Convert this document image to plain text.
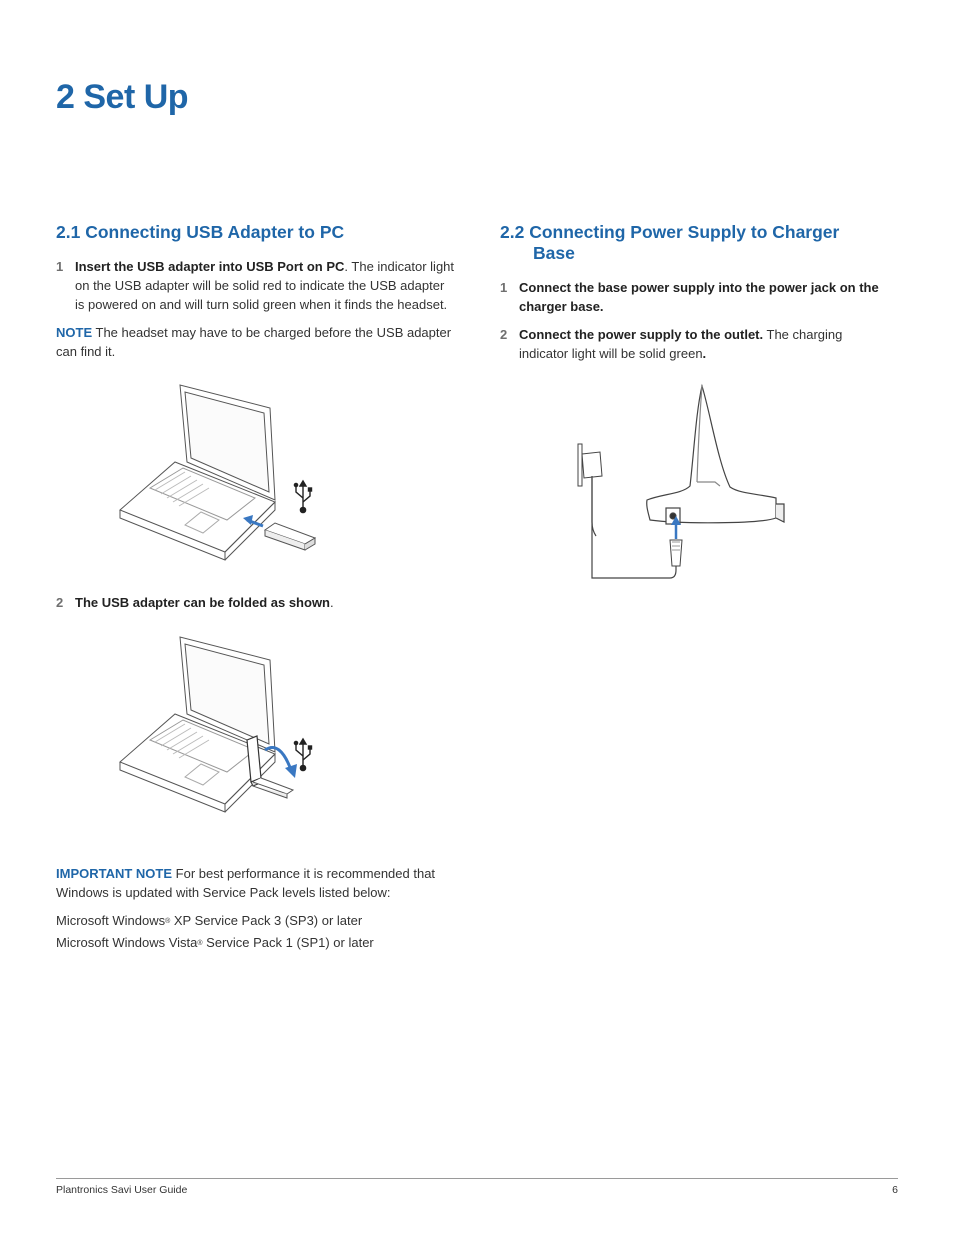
2 Set Up
2.1 Connecting USB Adapter to PC

1 Insert the USB adapter into USB Port on PC. The indicator light on the USB adapter will be solid red to indicate the USB adapter is powered on and will turn solid green when it finds the headset.

NOTE The headset may have to be charged before the USB adapter can find it.

2 The USB adapter can be folded as shown.

IMPORTANT NOTE For best performance it is recommended that Windows is updated with Service Pack levels listed below:

Microsoft Windows® XP Service Pack 3 (SP3) or later

Microsoft Windows Vista® Service Pack 1 (SP1) or later

2.2 Connecting Power Supply to Charger
Base

1 Connect the base power supply into the power jack on the charger base.

2 Connect the power supply to the outlet. The charging indicator light will be solid green.

Plantronics Savi User Guide	6
